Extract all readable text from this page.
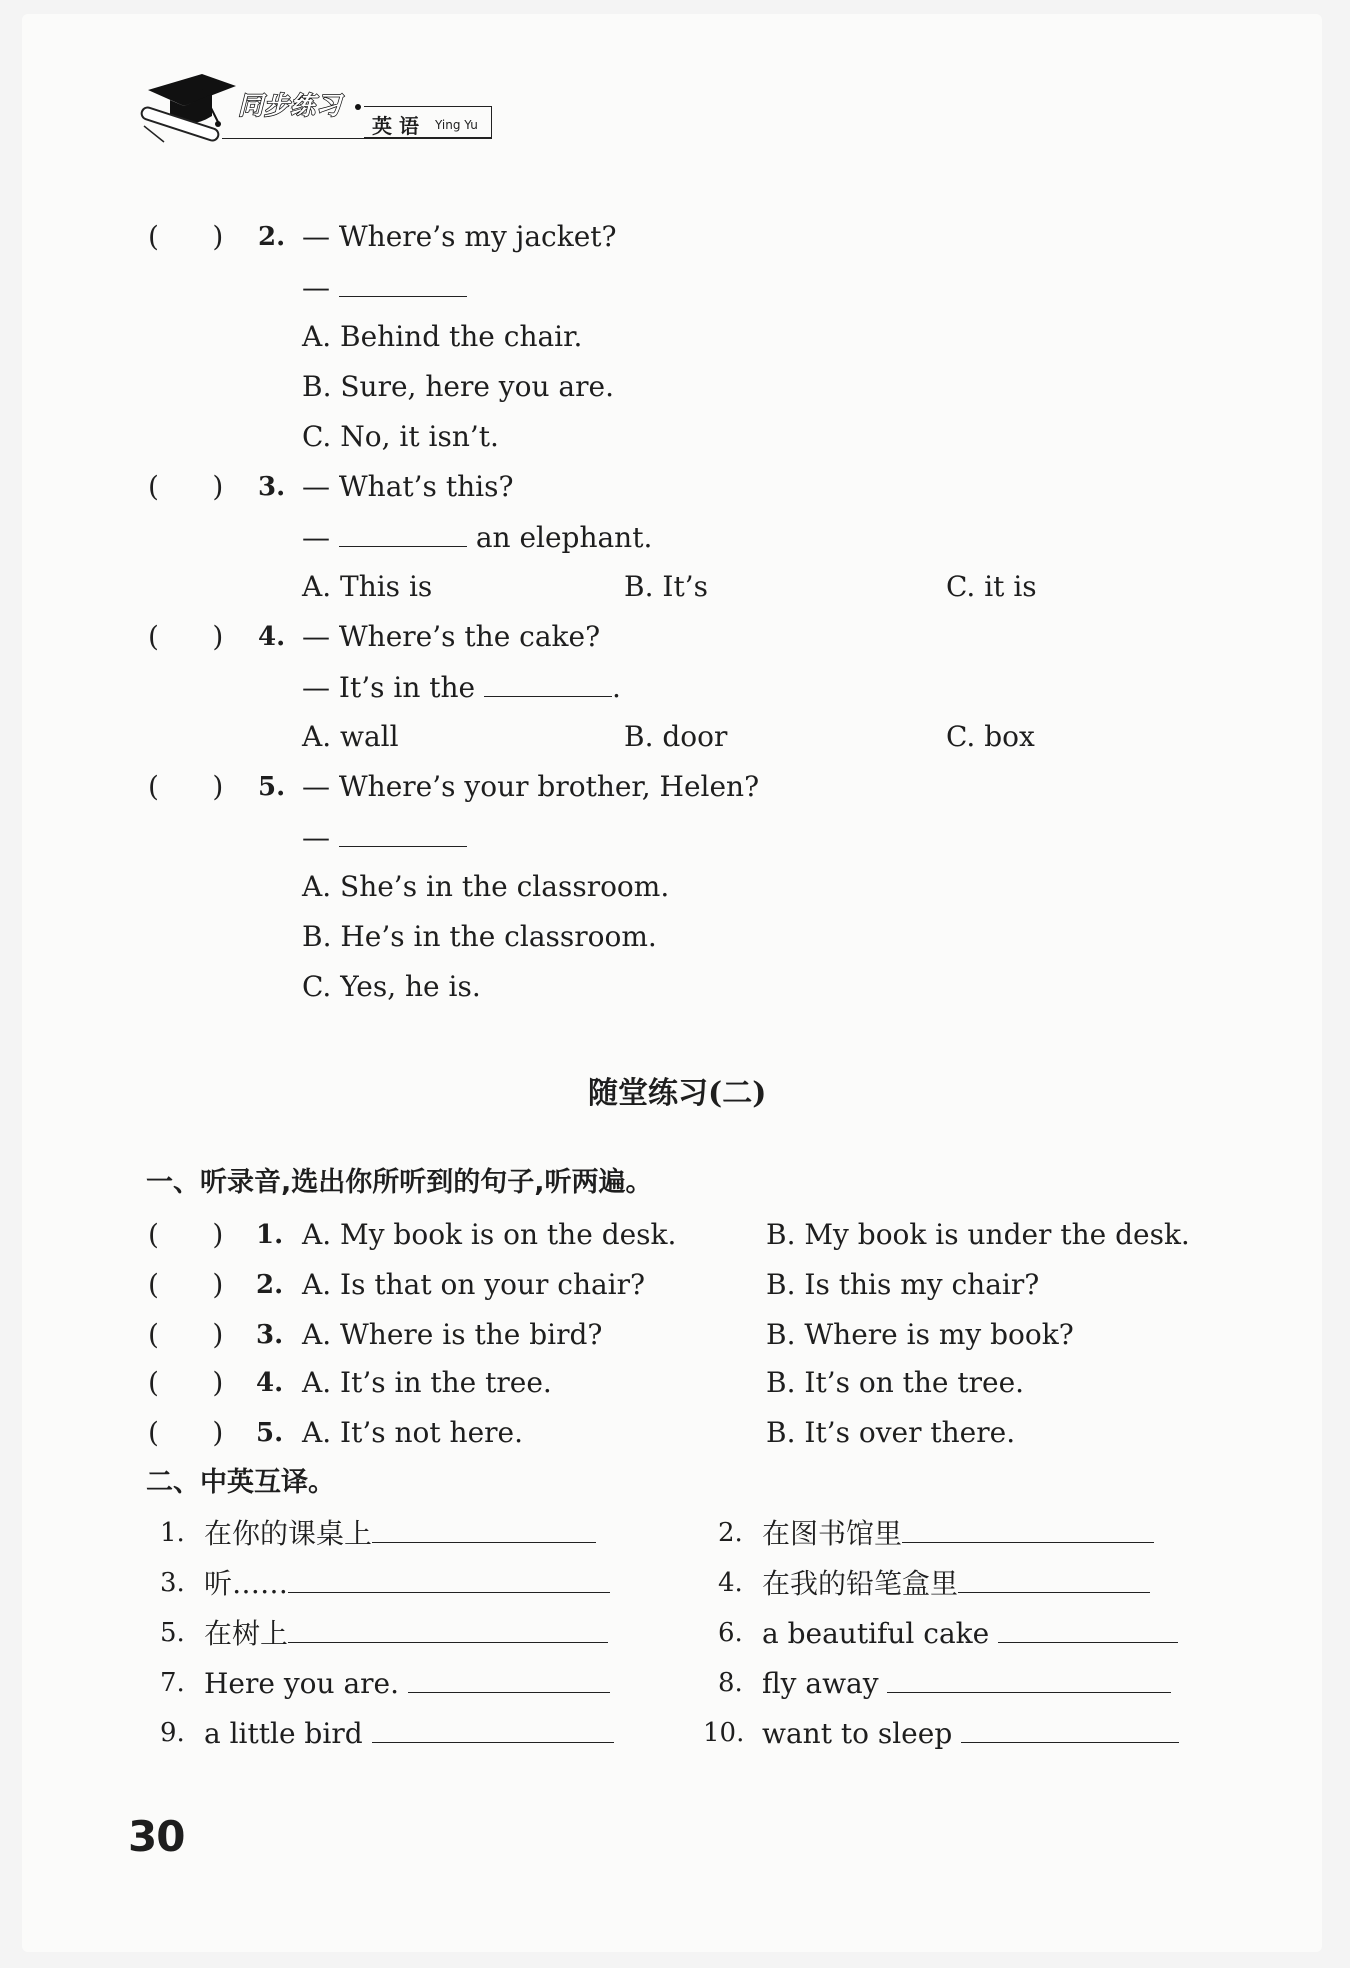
同步练习
英 语 Ying Yu
(      ) 2. — Where’s my jacket?
—
A. Behind the chair.
B. Sure, here you are.
C. No, it isn’t.
(      ) 3. — What’s this?
—	an elephant.
A. This is	B. It’s	C. it is
(      ) 4. — Where’s the cake?
— It’s in the	.
A. wall	B. door	C. box
(      ) 5. — Where’s your brother, Helen?
—
A. She’s in the classroom.
B. He’s in the classroom.
C. Yes, he is.
随堂练习(二)
一、听录音,选出你所听到的句子,听两遍。
(      ) 1. A. My book is on the desk.	B. My book is under the desk.
(      ) 2. A. Is that on your chair?	B. Is this my chair?
(      ) 3. A. Where is the bird?	B. Where is my book?
(      ) 4. A. It’s in the tree.	B. It’s on the tree.
(      ) 5. A. It’s not here.	B. It’s over there.
二、中英互译。
1. 在你的课桌上	2. 在图书馆里
3. 听……	4. 在我的铅笔盒里
5. 在树上	6. a beautiful cake
7. Here you are.	8. fly away
9. a little bird	10. want to sleep
30
